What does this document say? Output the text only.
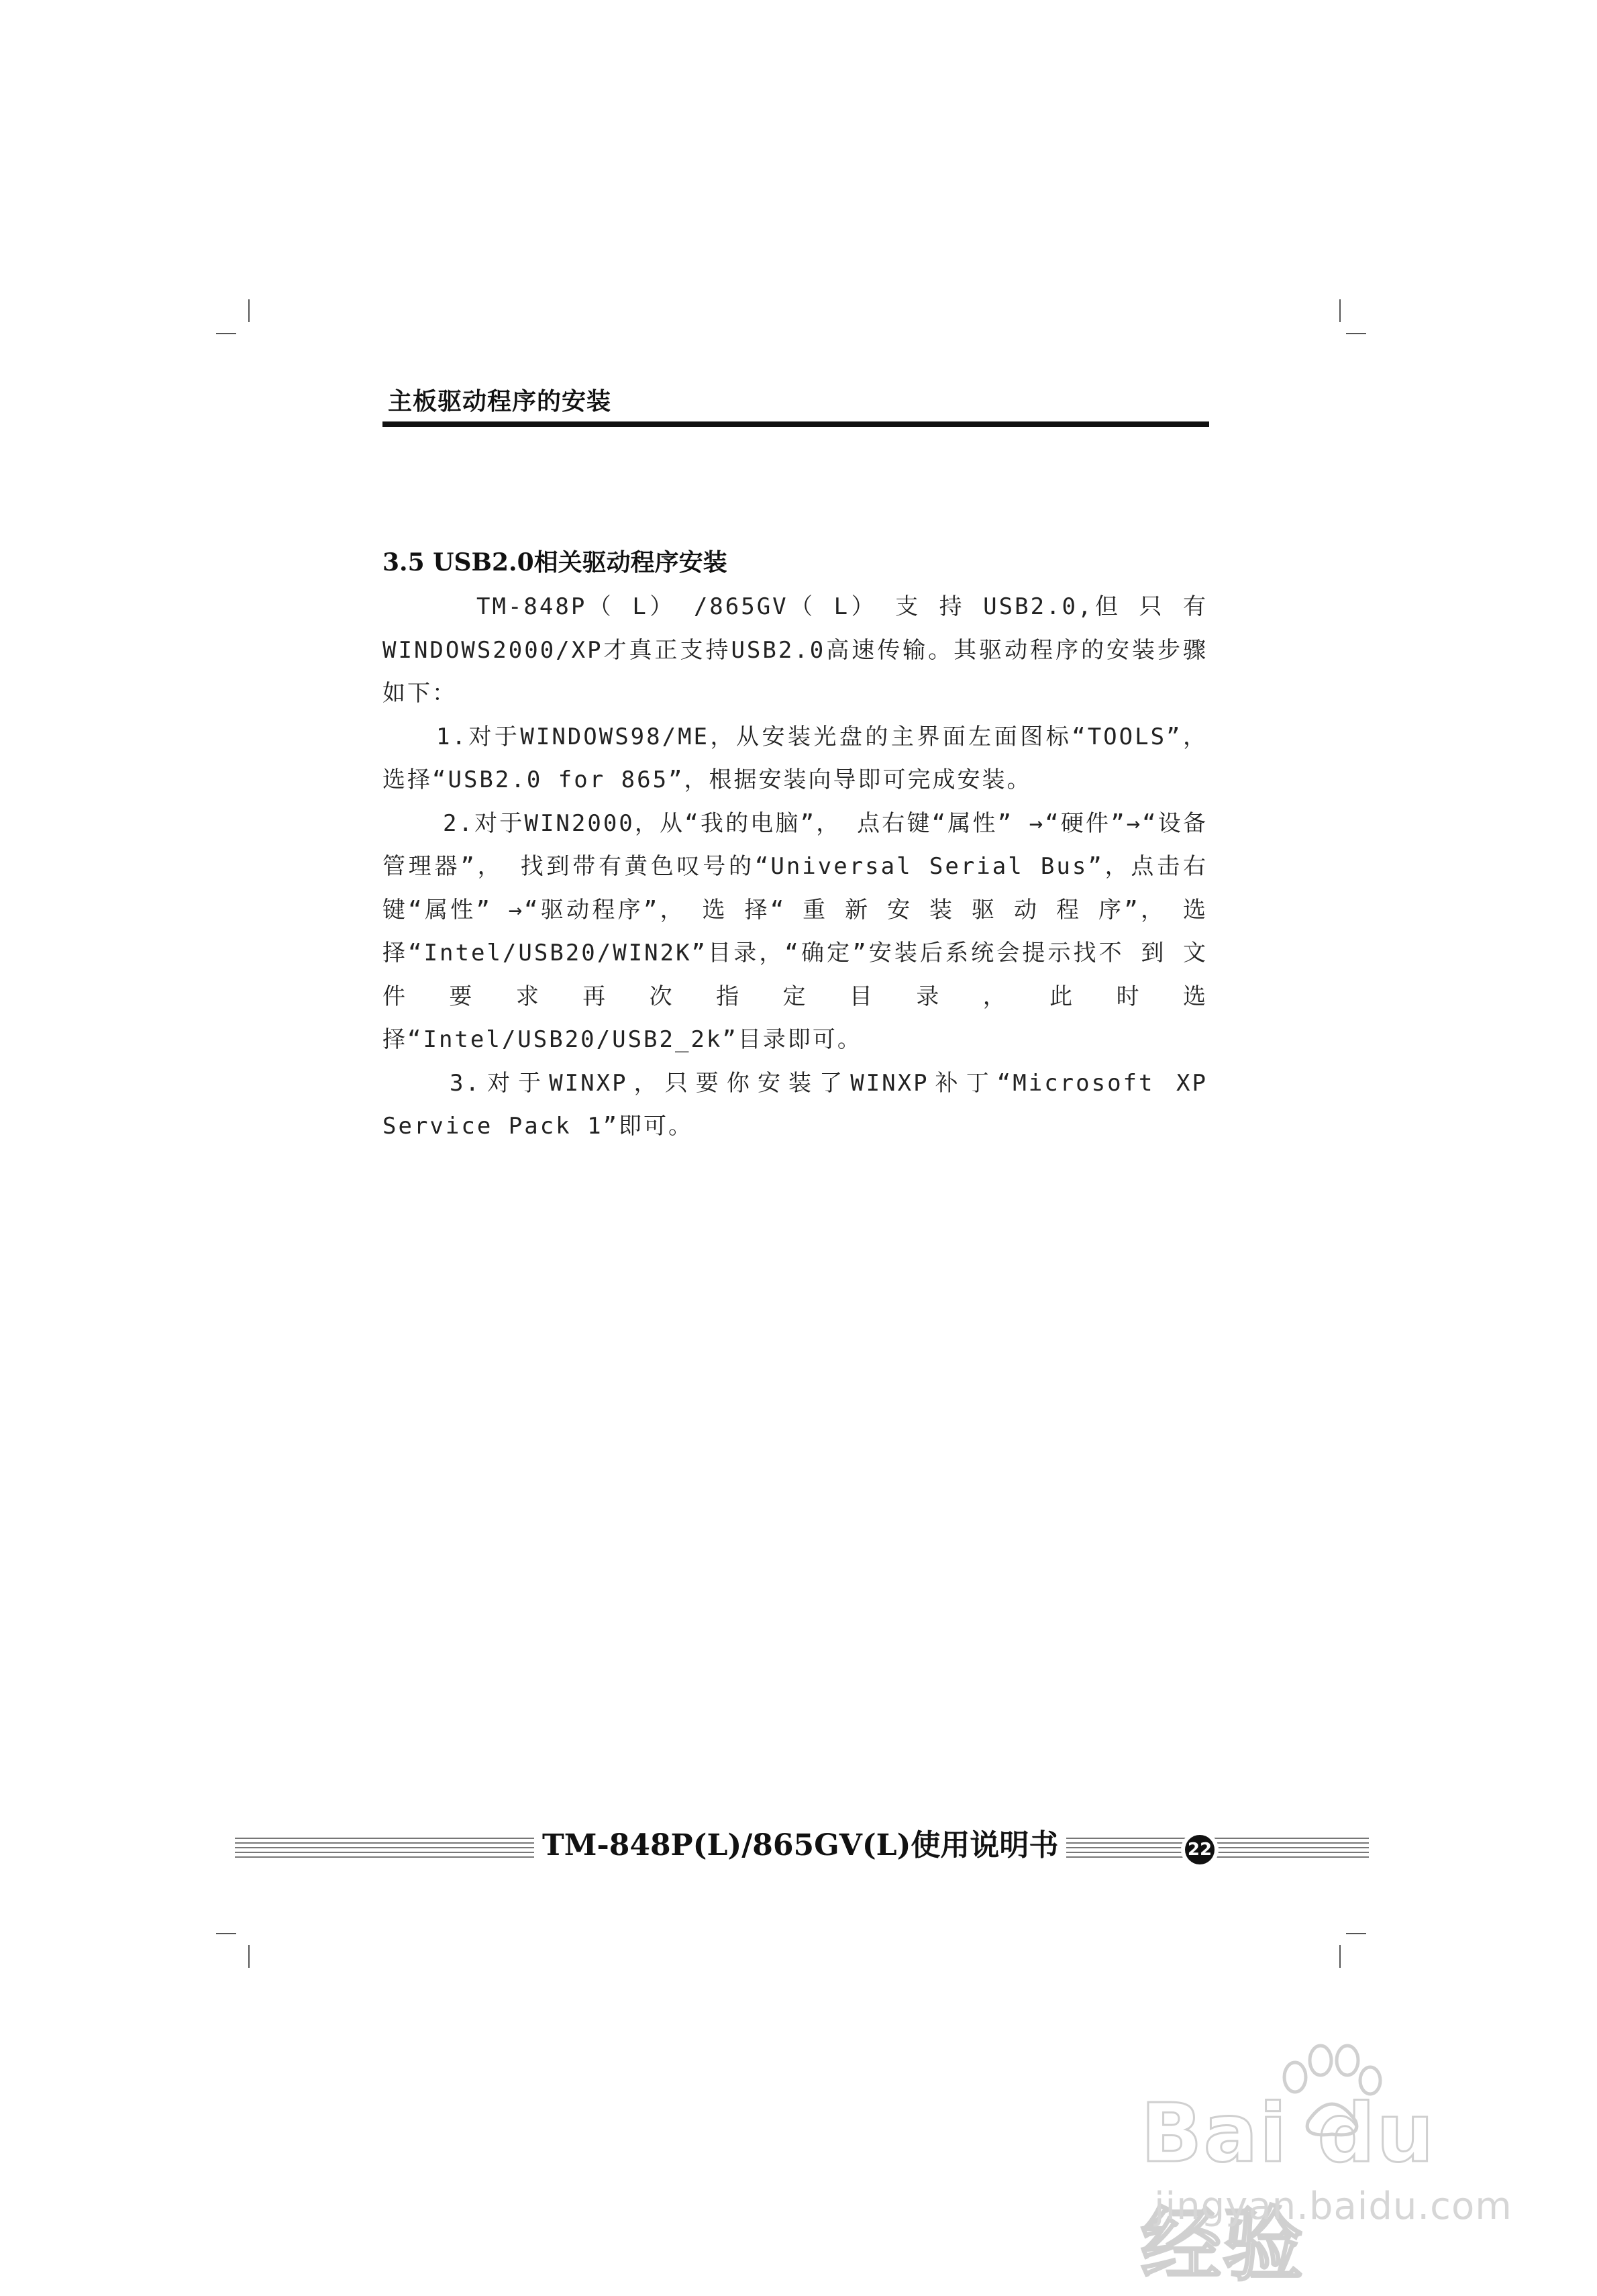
主板驱动程序的安装
3.5 USB2.0相关驱动程序安装

TM-848P（ L） /865GV（ L） 支 持 USB2.0,但 只 有 WINDOWS2000/XP才真正支持USB2.0高速传输。其驱动程序的安装步骤如下：

1.对于WINDOWS98/ME，从安装光盘的主界面左面图标“TOOLS”，选择“USB2.0 for 865”，根据安装向导即可完成安装。

2.对于WIN2000，从“我的电脑”， 点右键“属性” →“硬件”→“设备管理器”， 找到带有黄色叹号的“Universal Serial Bus”，点击右键“属性” →“驱动程序”， 选 择“ 重 新 安 装 驱 动 程 序”， 选 择“Intel/USB20/WIN2K”目录，“确定”安装后系统会提示找不 到 文 件 要 求 再 次 指 定 目 录 ， 此 时 选 择“Intel/USB20/USB2_2k”目录即可。

3.对于WINXP，只要你安装了WINXP补丁“Microsoft XP Service Pack 1”即可。

TM-848P(L)/865GV(L)使用说明书	22
Bai du 经验
jingyan.baidu.com
